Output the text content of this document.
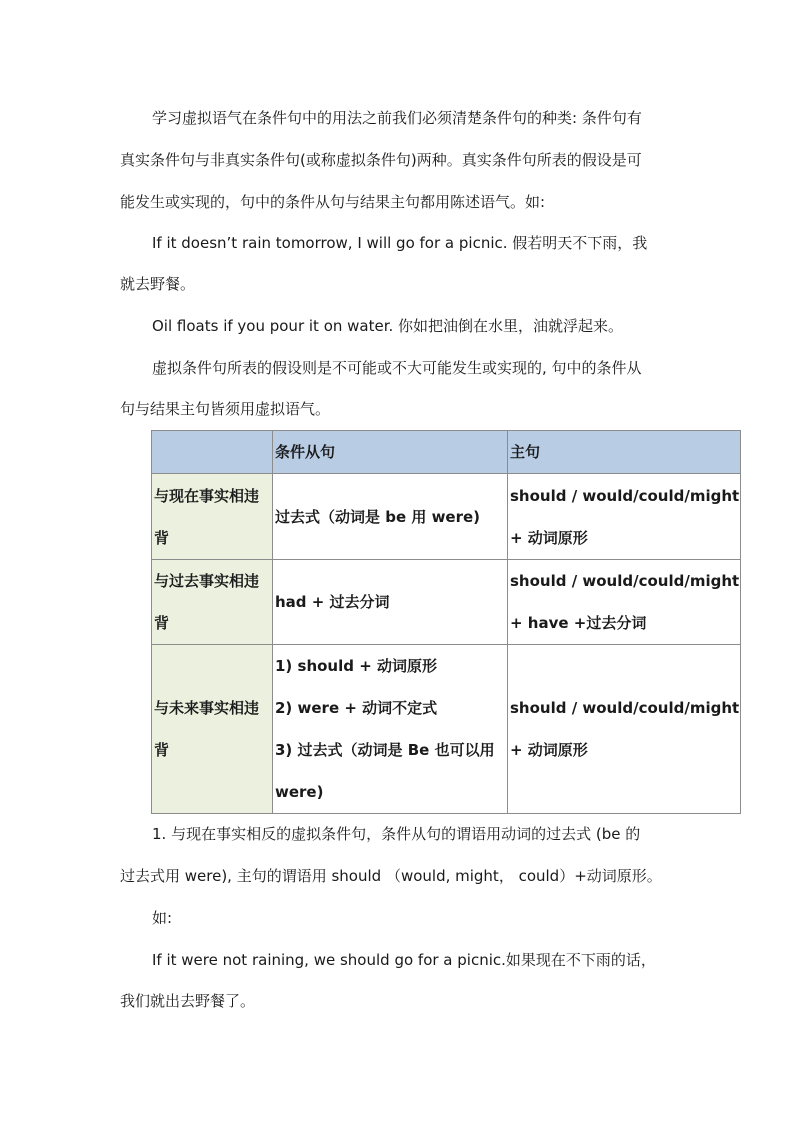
学习虚拟语气在条件句中的用法之前我们必须清楚条件句的种类: 条件句有

真实条件句与非真实条件句(或称虚拟条件句)两种。真实条件句所表的假设是可

能发生或实现的，句中的条件从句与结果主句都用陈述语气。如:

If it doesn’t rain tomorrow, I will go for a picnic. 假若明天不下雨，我

就去野餐。

Oil floats if you pour it on water. 你如把油倒在水里，油就浮起来。

虚拟条件句所表的假设则是不可能或不大可能发生或实现的, 句中的条件从

句与结果主句皆须用虚拟语气。

	条件从句	主句

与现在事实相违
背	过去式（动词是 be 用 were)	should / would/could/might
+ 动词原形

与过去事实相违
背	had + 过去分词	should / would/could/might
+ have +过去分词

与未来事实相违
背	1) should + 动词原形
2) were + 动词不定式
3) 过去式（动词是 Be 也可以用
were)	should / would/could/might
+ 动词原形

1. 与现在事实相反的虚拟条件句，条件从句的谓语用动词的过去式 (be 的

过去式用 were), 主句的谓语用 should （would, might， could）+动词原形。

如:

If it were not raining, we should go for a picnic.如果现在不下雨的话，

我们就出去野餐了。
